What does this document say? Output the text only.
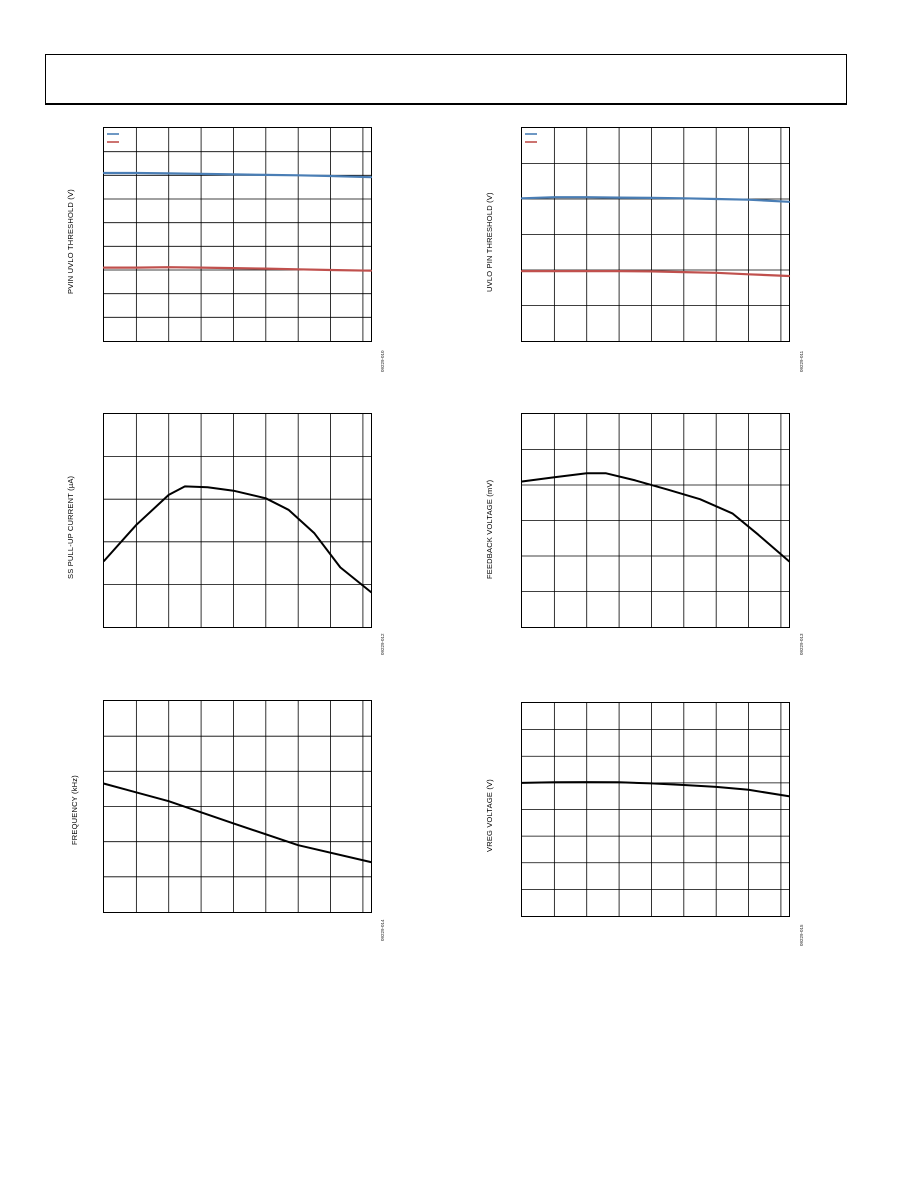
PVIN UVLO THRESHOLD (V)
09229-010
UVLO PIN THRESHOLD (V)
09229-011
SS PULL-UP CURRENT (µA)
09229-012
FEEDBACK VOLTAGE (mV)
09229-013
FREQUENCY (kHz)
09229-014
VREG VOLTAGE (V)
09229-015
